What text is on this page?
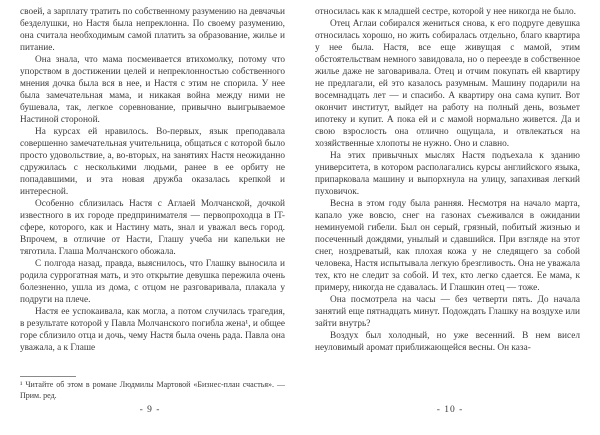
своей, а зарплату тратить по собственному разумению на девчачьи безделушки, но Настя была непреклонна. По своему разумению, она считала необходимым самой платить за образование, жилье и питание.

Она знала, что мама посмеивается втихомолку, потому что упорством в достижении целей и непреклонностью собственного мнения дочка была вся в нее, и Настя с этим не спорила. У нее была замечательная мама, и никакая война между ними не бушевала, так, легкое соревнование, привычно выигрываемое Настиной стороной.

На курсах ей нравилось. Во-первых, язык преподавала совершенно замечательная учительница, общаться с которой было просто удовольствие, а, во-вторых, на занятиях Настя неожиданно сдружилась с несколькими людьми, ранее в ее орбиту не попадавшими, и эта новая дружба оказалась крепкой и интересной.

Особенно сблизилась Настя с Аглаей Молчанской, дочкой известного в их городе предпринимателя — первопроходца в IT-сфере, которого, как и Настину мать, знал и уважал весь город. Впрочем, в отличие от Насти, Глашу учеба ни капельки не тяготила. Глаша Молчанского обожала.

С полгода назад, правда, выяснилось, что Глашку выносила и родила суррогатная мать, и это открытие девушка пережила очень болезненно, ушла из дома, с отцом не разговаривала, плакала у подруги на плече.

Настя ее успокаивала, как могла, а потом случилась трагедия, в результате которой у Павла Молчанского погибла жена¹, и общее горе сблизило отца и дочь, чему Настя была очень рада. Павла она уважала, а к Глаше

¹ Читайте об этом в романе Людмилы Мартовой «Бизнес-план счастья». — Прим. ред.
- 9 -

относилась как к младшей сестре, которой у нее никогда не было.

Отец Аглаи собирался жениться снова, к его подруге девушка относилась хорошо, но жить собиралась отдельно, благо квартира у нее была. Настя, все еще живущая с мамой, этим обстоятельствам немного завидовала, но о переезде в собственное жилье даже не заговаривала. Отец и отчим покупать ей квартиру не предлагали, ей это казалось разумным. Машину подарили на восемнадцать лет — и спасибо. А квартиру она сама купит. Вот окончит институт, выйдет на работу на полный день, возьмет ипотеку и купит. А пока ей и с мамой нормально живется. Да и свою взрослость она отлично ощущала, и отвлекаться на хозяйственные хлопоты не нужно. Оно и славно.

На этих привычных мыслях Настя подъехала к зданию университета, в котором располагались курсы английского языка, припарковала машину и выпорхнула на улицу, запахивая легкий пуховичок.

Весна в этом году была ранняя. Несмотря на начало марта, капало уже вовсю, снег на газонах съеживался в ожидании неминуемой гибели. Был он серый, грязный, побитый жизнью и посеченный дождями, унылый и сдавшийся. При взгляде на этот снег, ноздреватый, как плохая кожа у не следящего за собой человека, Настя испытывала легкую брезгливость. Она не уважала тех, кто не следит за собой. И тех, кто легко сдается. Ее мама, к примеру, никогда не сдавалась. И Глашкин отец — тоже.

Она посмотрела на часы — без четверти пять. До начала занятий еще пятнадцать минут. Подождать Глашку на воздухе или зайти внутрь?

Воздух был холодный, но уже весенний. В нем висел неуловимый аромат приближающейся весны. Он каза-

- 10 -
